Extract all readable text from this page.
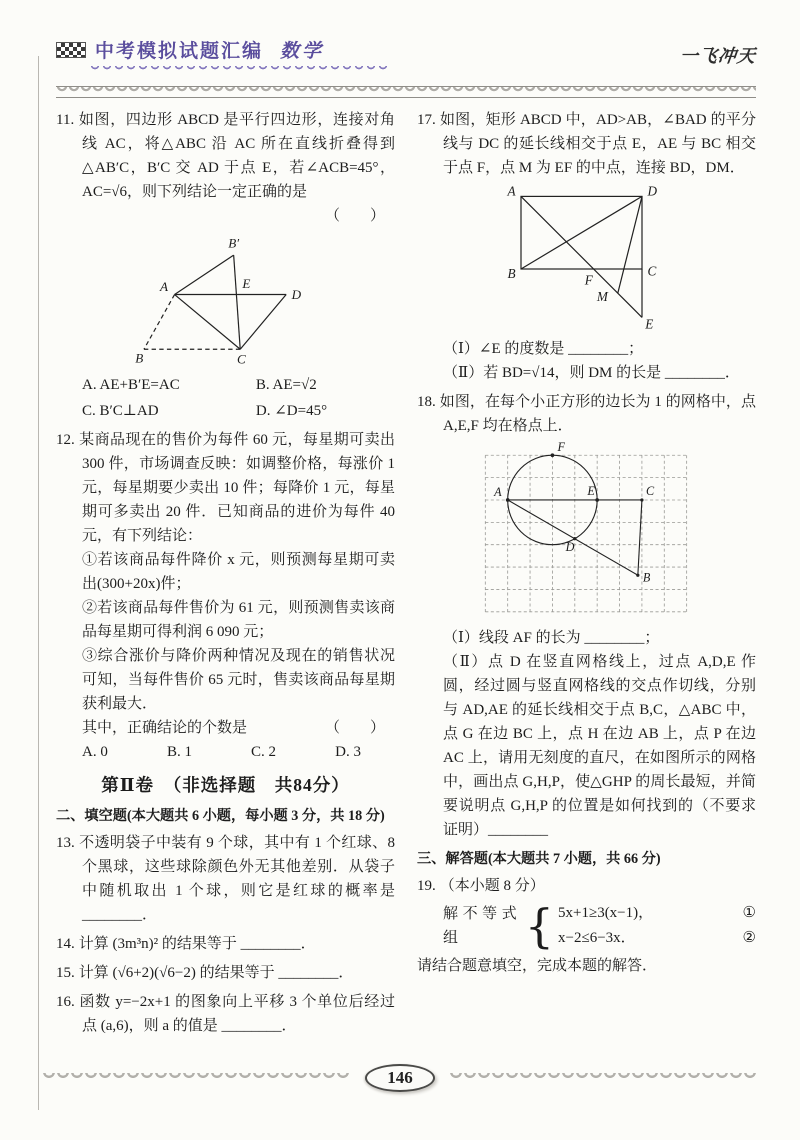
中考模拟试题汇编 数学	一飞冲天

11. 如图，四边形 ABCD 是平行四边形，连接对角线 AC，将△ABC 沿 AC 所在直线折叠得到△AB′C，B′C 交 AD 于点 E，若∠ACB=45°，AC=√6，则下列结论一定正确的是

（　　）
A
B′
E
D
B	C
A. AE+B′E=AC	B. AE=√2
C. B′C⊥AD	D. ∠D=45°

12. 某商品现在的售价为每件 60 元，每星期可卖出 300 件，市场调查反映：如调整价格，每涨价 1 元，每星期要少卖出 10 件；每降价 1 元，每星期可多卖出 20 件．已知商品的进价为每件 40 元，有下列结论：

①若该商品每件降价 x 元，则预测每星期可卖出(300+20x)件；

②若该商品每件售价为 61 元，则预测售卖该商品每星期可得利润 6 090 元；

③综合涨价与降价两种情况及现在的销售状况可知，当每件售价 65 元时，售卖该商品每星期获利最大．

其中，正确结论的个数是	（　　）
A. 0	B. 1	C. 2	D. 3
第Ⅱ卷　（非选择题　共84分）
二、填空题(本大题共 6 小题，每小题 3 分，共 18 分)

13. 不透明袋子中装有 9 个球，其中有 1 个红球、8 个黑球，这些球除颜色外无其他差别．从袋子中随机取出 1 个球，则它是红球的概率是 ________．

14. 计算 (3m³n)² 的结果等于 ________．

15. 计算 (√6+2)(√6−2) 的结果等于 ________．

16. 函数 y=−2x+1 的图象向上平移 3 个单位后经过点 (a,6)，则 a 的值是 ________．

17. 如图，矩形 ABCD 中，AD>AB，∠BAD 的平分线与 DC 的延长线相交于点 E，AE 与 BC 相交于点 F，点 M 为 EF 的中点，连接 BD，DM．

A	D
B	C
F
M
E

（Ⅰ）∠E 的度数是 ________；

（Ⅱ）若 BD=√14，则 DM 的长是 ________．

18. 如图，在每个小正方形的边长为 1 的网格中，点 A,E,F 均在格点上．

A
F
E	C
D
B

（Ⅰ）线段 AF 的长为 ________；

（Ⅱ）点 D 在竖直网格线上，过点 A,D,E 作圆，经过圆与竖直网格线的交点作切线，分别与 AD,AE 的延长线相交于点 B,C，△ABC 中，点 G 在边 BC 上，点 H 在边 AB 上，点 P 在边 AC 上，请用无刻度的直尺，在如图所示的网格中，画出点 G,H,P，使△GHP 的周长最短，并简要说明点 G,H,P 的位置是如何找到的（不要求证明）________

三、解答题(本大题共 7 小题，共 66 分)

19. （本小题 8 分）

解不等式组	{ 5x+1≥3(x−1)，	①
x−2≤6−3x．	②

请结合题意填空，完成本题的解答．

146
